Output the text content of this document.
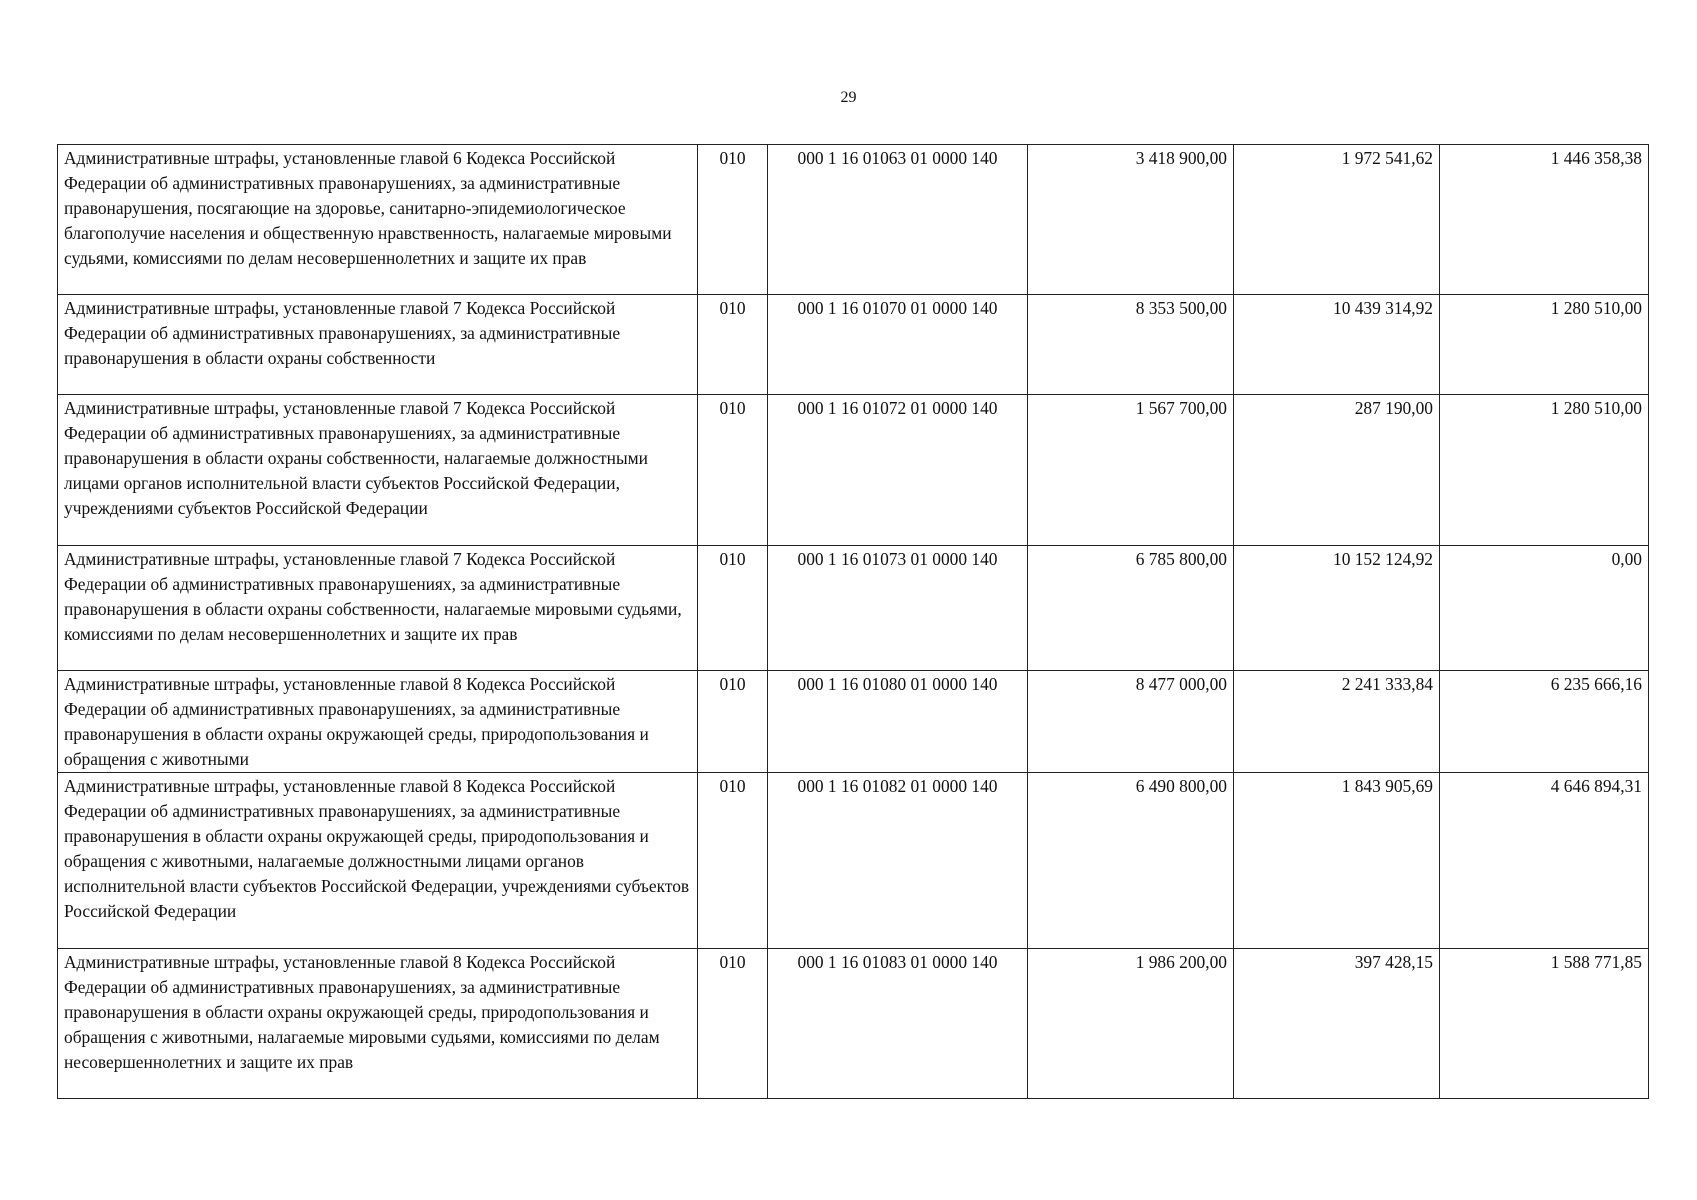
29
Административные штрафы, установленные главой 6 Кодекса Российской Федерации об административных правонарушениях, за административные правонарушения, посягающие на здоровье, санитарно-эпидемиологическое благополучие населения и общественную нравственность, налагаемые мировыми судьями, комиссиями по делам несовершеннолетних и защите их прав	010	000 1 16 01063 01 0000 140	3 418 900,00	1 972 541,62	1 446 358,38
Административные штрафы, установленные главой 7 Кодекса Российской Федерации об административных правонарушениях, за административные правонарушения в области охраны собственности	010	000 1 16 01070 01 0000 140	8 353 500,00	10 439 314,92	1 280 510,00
Административные штрафы, установленные главой 7 Кодекса Российской Федерации об административных правонарушениях, за административные правонарушения в области охраны собственности, налагаемые должностными лицами органов исполнительной власти субъектов Российской Федерации, учреждениями субъектов Российской Федерации	010	000 1 16 01072 01 0000 140	1 567 700,00	287 190,00	1 280 510,00
Административные штрафы, установленные главой 7 Кодекса Российской Федерации об административных правонарушениях, за административные правонарушения в области охраны собственности, налагаемые мировыми судьями, комиссиями по делам несовершеннолетних и защите их прав	010	000 1 16 01073 01 0000 140	6 785 800,00	10 152 124,92	0,00
Административные штрафы, установленные главой 8 Кодекса Российской Федерации об административных правонарушениях, за административные правонарушения в области охраны окружающей среды, природопользования и обращения с животными	010	000 1 16 01080 01 0000 140	8 477 000,00	2 241 333,84	6 235 666,16
Административные штрафы, установленные главой 8 Кодекса Российской Федерации об административных правонарушениях, за административные правонарушения в области охраны окружающей среды, природопользования и обращения с животными, налагаемые должностными лицами органов исполнительной власти субъектов Российской Федерации, учреждениями субъектов Российской Федерации	010	000 1 16 01082 01 0000 140	6 490 800,00	1 843 905,69	4 646 894,31
Административные штрафы, установленные главой 8 Кодекса Российской Федерации об административных правонарушениях, за административные правонарушения в области охраны окружающей среды, природопользования и обращения с животными, налагаемые мировыми судьями, комиссиями по делам несовершеннолетних и защите их прав	010	000 1 16 01083 01 0000 140	1 986 200,00	397 428,15	1 588 771,85
